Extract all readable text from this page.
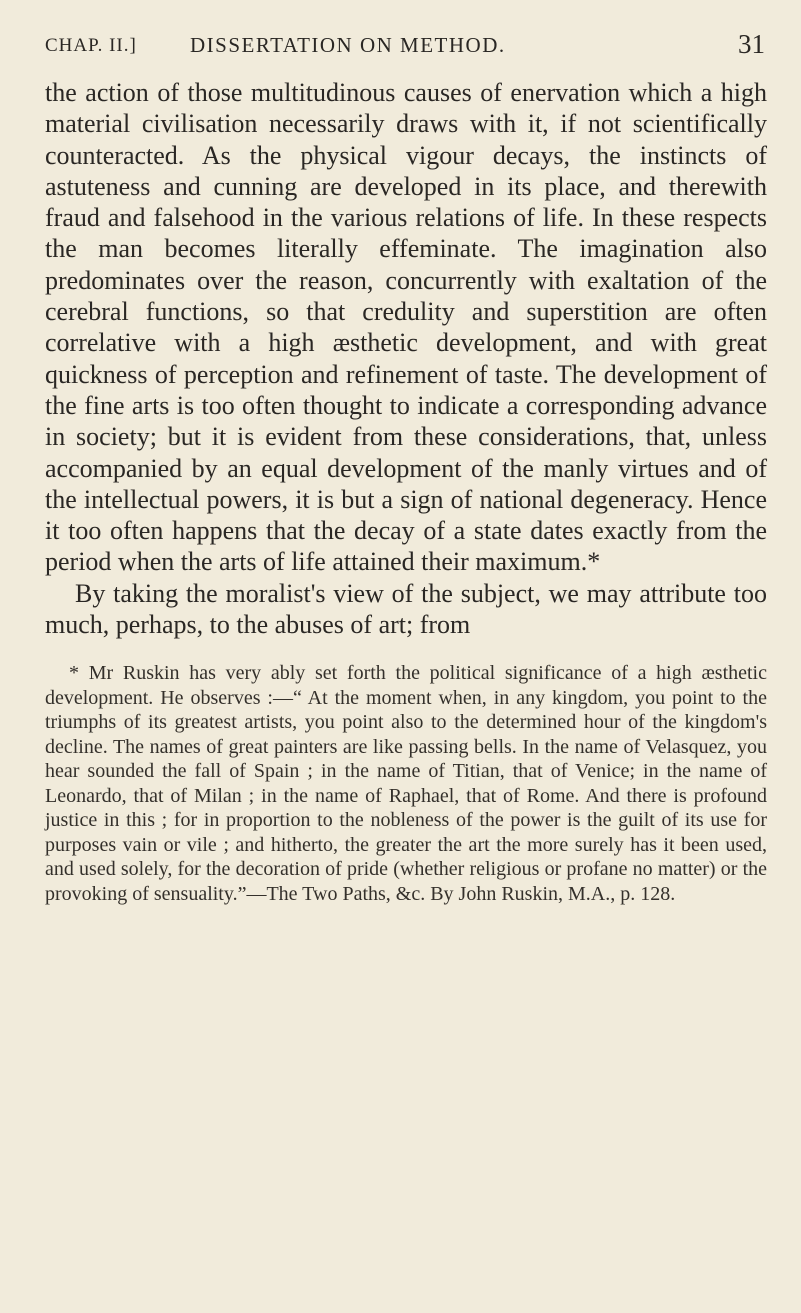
CHAP. II.]	DISSERTATION ON METHOD.	31

the action of those multitudinous causes of enervation which a high material civilisation necessarily draws with it, if not scientifically counteracted. As the physical vigour decays, the instincts of astuteness and cunning are developed in its place, and therewith fraud and falsehood in the various relations of life. In these respects the man becomes literally effeminate. The imagination also predominates over the reason, concurrently with exaltation of the cerebral functions, so that credulity and superstition are often correlative with a high æsthetic development, and with great quickness of perception and refinement of taste. The development of the fine arts is too often thought to indicate a corresponding advance in society; but it is evident from these considerations, that, unless accompanied by an equal development of the manly virtues and of the intellectual powers, it is but a sign of national degeneracy. Hence it too often happens that the decay of a state dates exactly from the period when the arts of life attained their maximum.*

By taking the moralist's view of the subject, we may attribute too much, perhaps, to the abuses of art; from

* Mr Ruskin has very ably set forth the political significance of a high æsthetic development. He observes :—“ At the moment when, in any kingdom, you point to the triumphs of its greatest artists, you point also to the determined hour of the kingdom's decline. The names of great painters are like passing bells. In the name of Velasquez, you hear sounded the fall of Spain ; in the name of Titian, that of Venice; in the name of Leonardo, that of Milan ; in the name of Raphael, that of Rome. And there is profound justice in this ; for in proportion to the nobleness of the power is the guilt of its use for purposes vain or vile ; and hitherto, the greater the art the more surely has it been used, and used solely, for the decoration of pride (whether religious or profane no matter) or the provoking of sensuality.”—The Two Paths, &c. By John Ruskin, M.A., p. 128.
